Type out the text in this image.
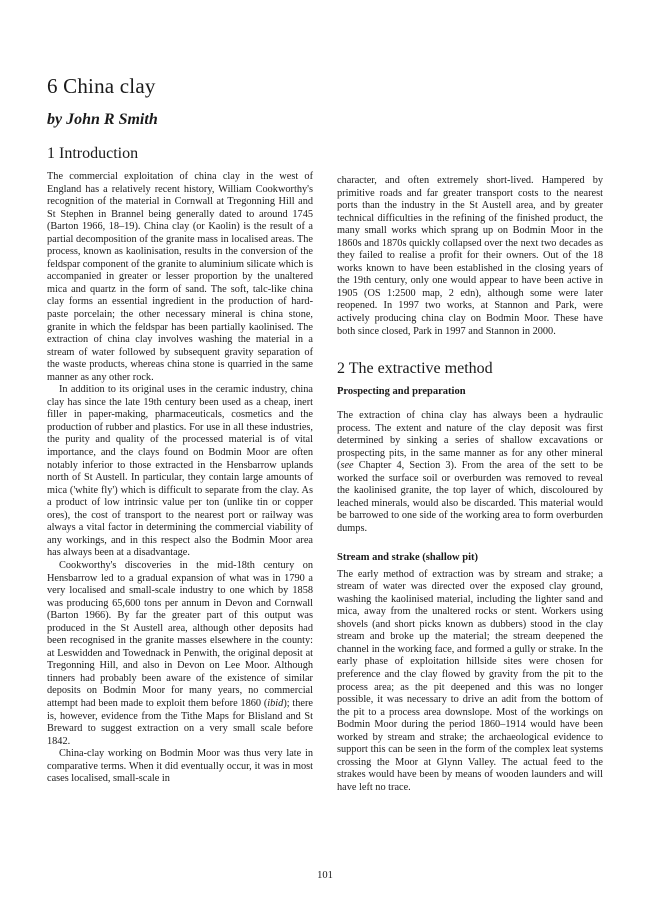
6 China clay
by John R Smith
1 Introduction

The commercial exploitation of china clay in the west of England has a relatively recent history, William Cookworthy's recognition of the material in Cornwall at Tregonning Hill and St Stephen in Brannel being generally dated to around 1745 (Barton 1966, 18–19). China clay (or Kaolin) is the result of a partial decomposition of the granite mass in localised areas. The process, known as kaolinisation, results in the conversion of the feldspar component of the granite to aluminium silicate which is accompanied in greater or lesser proportion by the unaltered mica and quartz in the form of sand. The soft, talc-like china clay forms an essential ingredient in the production of hard-paste porcelain; the other necessary mineral is china stone, granite in which the feldspar has been partially kaolinised. The extraction of china clay involves washing the material in a stream of water followed by subsequent gravity separation of the waste products, whereas china stone is quarried in the same manner as any other rock.

In addition to its original uses in the ceramic industry, china clay has since the late 19th century been used as a cheap, inert filler in paper-making, pharmaceuticals, cosmetics and the production of rubber and plastics. For use in all these industries, the purity and quality of the processed material is of vital importance, and the clays found on Bodmin Moor are often notably inferior to those extracted in the Hensbarrow uplands north of St Austell. In particular, they contain large amounts of mica ('white fly') which is difficult to separate from the clay. As a product of low intrinsic value per ton (unlike tin or copper ores), the cost of transport to the nearest port or railway was always a vital factor in determining the commercial viability of any workings, and in this respect also the Bodmin Moor area has always been at a disadvantage.

Cookworthy's discoveries in the mid-18th century on Hensbarrow led to a gradual expansion of what was in 1790 a very localised and small-scale industry to one which by 1858 was producing 65,600 tons per annum in Devon and Cornwall (Barton 1966). By far the greater part of this output was produced in the St Austell area, although other deposits had been recognised in the granite masses elsewhere in the county: at Leswidden and Towednack in Penwith, the original deposit at Tregonning Hill, and also in Devon on Lee Moor. Although tinners had probably been aware of the existence of similar deposits on Bodmin Moor for many years, no commercial attempt had been made to exploit them before 1860 (ibid); there is, however, evidence from the Tithe Maps for Blisland and St Breward to suggest extraction on a very small scale before 1842.

China-clay working on Bodmin Moor was thus very late in comparative terms. When it did eventually occur, it was in most cases localised, small-scale in

character, and often extremely short-lived. Hampered by primitive roads and far greater transport costs to the nearest ports than the industry in the St Austell area, and by greater technical difficulties in the refining of the finished product, the many small works which sprang up on Bodmin Moor in the 1860s and 1870s quickly collapsed over the next two decades as they failed to realise a profit for their owners. Out of the 18 works known to have been established in the closing years of the 19th century, only one would appear to have been active in 1905 (OS 1:2500 map, 2 edn), although some were later reopened. In 1997 two works, at Stannon and Park, were actively producing china clay on Bodmin Moor. These have both since closed, Park in 1997 and Stannon in 2000.

2 The extractive method
Prospecting and preparation

The extraction of china clay has always been a hydraulic process. The extent and nature of the clay deposit was first determined by sinking a series of shallow excavations or prospecting pits, in the same manner as for any other mineral (see Chapter 4, Section 3). From the area of the sett to be worked the surface soil or overburden was removed to reveal the kaolinised granite, the top layer of which, discoloured by leached minerals, would also be discarded. This material would be barrowed to one side of the working area to form overburden dumps.

Stream and strake (shallow pit)

The early method of extraction was by stream and strake; a stream of water was directed over the exposed clay ground, washing the kaolinised material, including the lighter sand and mica, away from the unaltered rocks or stent. Workers using shovels (and short picks known as dubbers) stood in the clay stream and broke up the material; the stream deepened the channel in the working face, and formed a gully or strake. In the early phase of exploitation hillside sites were chosen for preference and the clay flowed by gravity from the pit to the process area; as the pit deepened and this was no longer possible, it was necessary to drive an adit from the bottom of the pit to a process area downslope. Most of the workings on Bodmin Moor during the period 1860–1914 would have been worked by stream and strake; the archaeological evidence to support this can be seen in the form of the complex leat systems crossing the Moor at Glynn Valley. The actual feed to the strakes would have been by means of wooden launders and will have left no trace.

101
